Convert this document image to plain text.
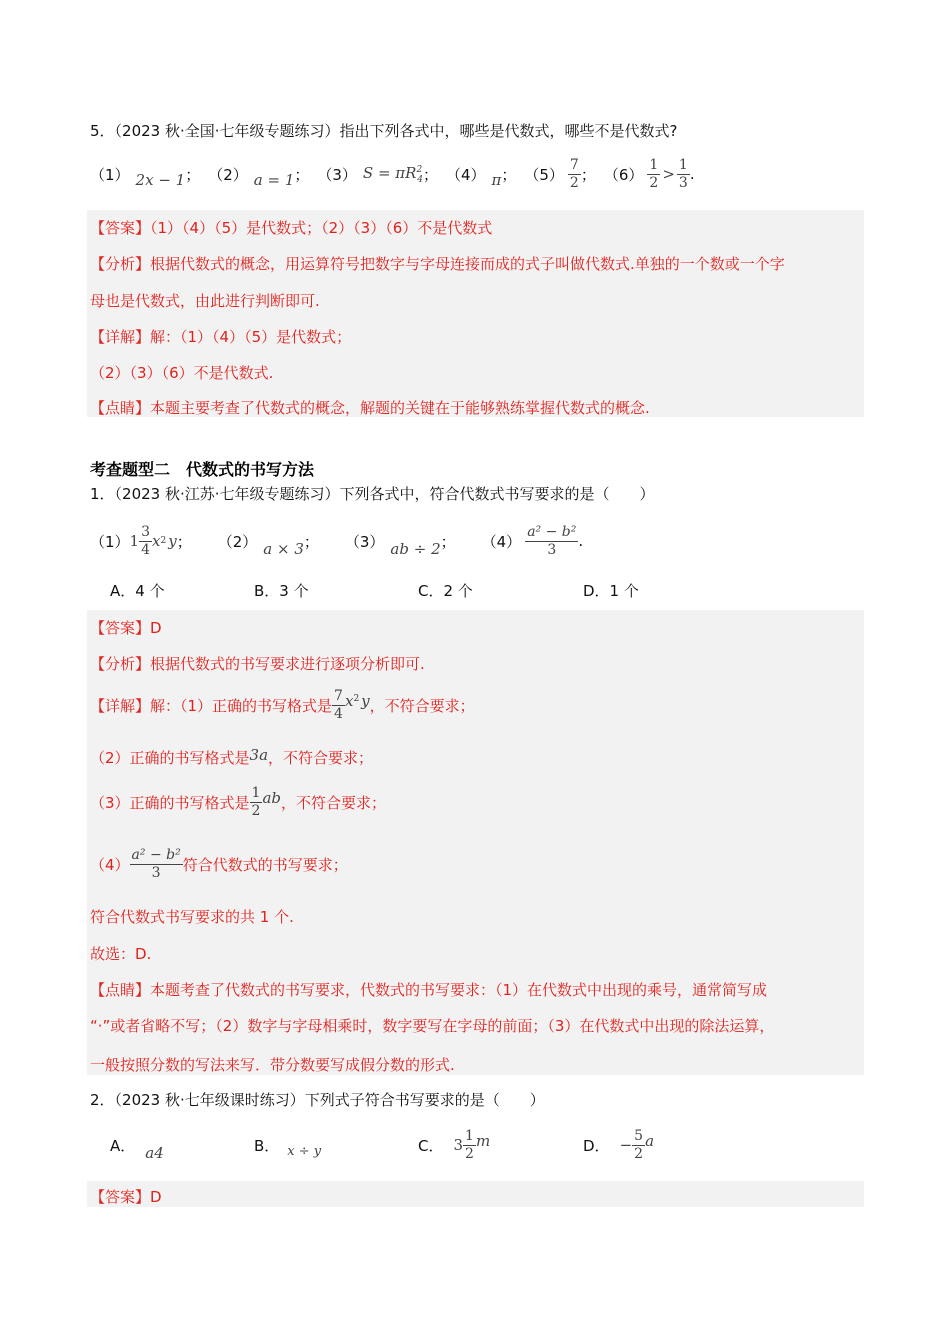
5．（2023 秋·全国·七年级专题练习）指出下列各式中，哪些是代数式，哪些不是代数式?
（1） 2x − 1 ； （2） a = 1 ； （3） $S = \pi R^2_4$ ； （4） π ； $(5) \frac{7}{2}$ ； $(6) \frac{1}{2} > \frac{1}{3}$ .
【答案】（1）（4）（5）是代数式；（2）（3）（6）不是代数式
【分析】根据代数式的概念，用运算符号把数字与字母连接而成的式子叫做代数式.单独的一个数或一个字
母也是代数式，由此进行判断即可.
【详解】解：（1）（4）（5）是代数式；
（2）（3）（6）不是代数式.
【点睛】本题主要考查了代数式的概念，解题的关键在于能够熟练掌握代数式的概念.
考查题型二　代数式的书写方法
1．（2023 秋·江苏·七年级专题练习）下列各式中，符合代数式书写要求的是（　　）
（1） $1 \frac{3}{4}$ x 2 y ； （2） a × 3 ； （3） ab ÷ 2 ； $(4) \frac{\text{a² − b²}}{3}$ .
A．4 个	B．3 个	C．2 个	D．1 个
【答案】D
【分析】根据代数式的书写要求进行逐项分析即可.
【详解】解：（1）正确的书写格式是 $\frac{7}{4} x^2$ y ，不符合要求；
（2）正确的书写格式是3a，不符合要求；
（3）正确的书写格式是 $\frac{1}{2}$ ab ，不符合要求；
$(4) \frac{\text{a² − b²}}{3}$ 符合代数式的书写要求；
符合代数式书写要求的共 1 个.
故选：D.
【点睛】本题考查了代数式的书写要求，代数式的书写要求：（1）在代数式中出现的乘号，通常简写成
“·”或者省略不写；（2）数字与字母相乘时，数字要写在字母的前面；（3）在代数式中出现的除法运算，
一般按照分数的写法来写．带分数要写成假分数的形式.
2．（2023 秋·七年级课时练习）下列式子符合书写要求的是（　　）
A． a4	B． x ÷ y	C． $3 \frac{1}{2}$ m	D． − $\frac{5}{2}$ a
【答案】D
